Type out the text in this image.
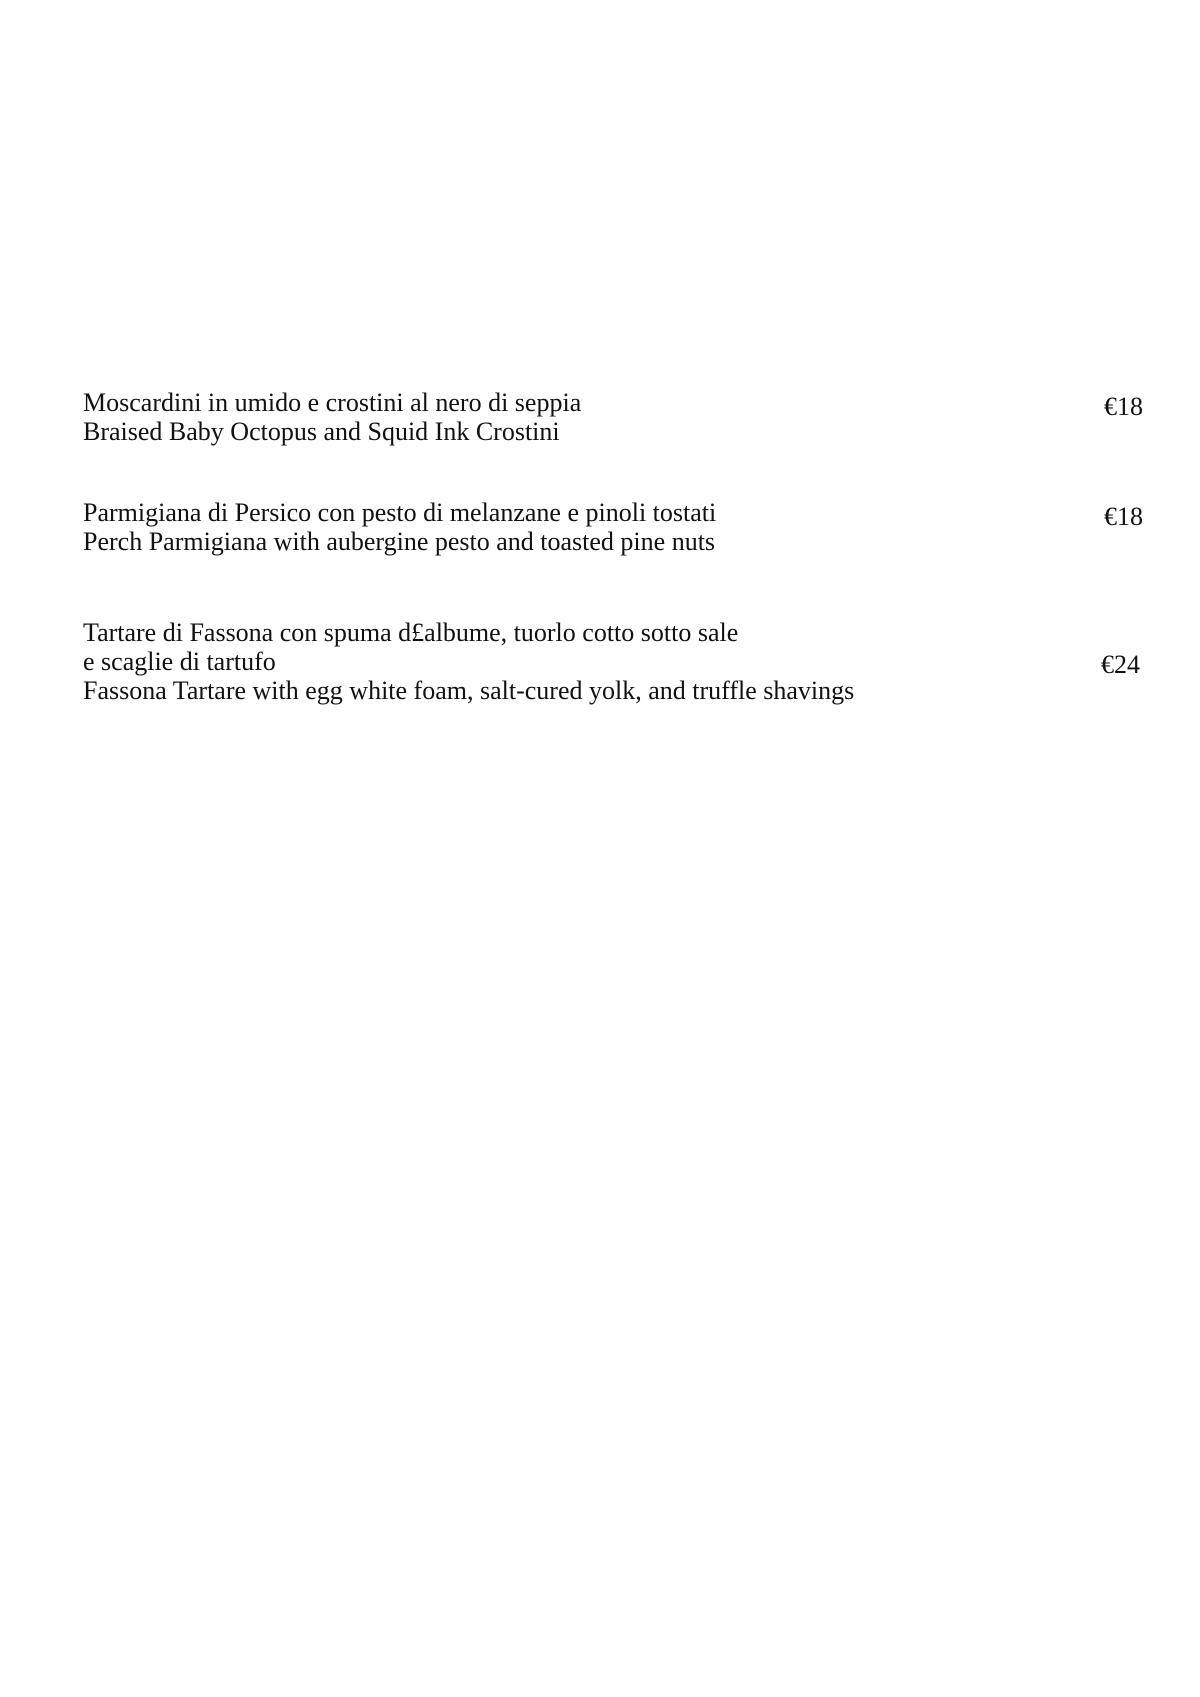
Moscardini in umido e crostini al nero di seppia
Braised Baby Octopus and Squid Ink Crostini
€18
Parmigiana di Persico con pesto di melanzane e pinoli tostati
Perch Parmigiana with aubergine pesto and toasted pine nuts
€18
Tartare di Fassona con spuma d£albume, tuorlo cotto sotto sale
e scaglie di tartufo
Fassona Tartare with egg white foam, salt-cured yolk, and truffle shavings
€24
